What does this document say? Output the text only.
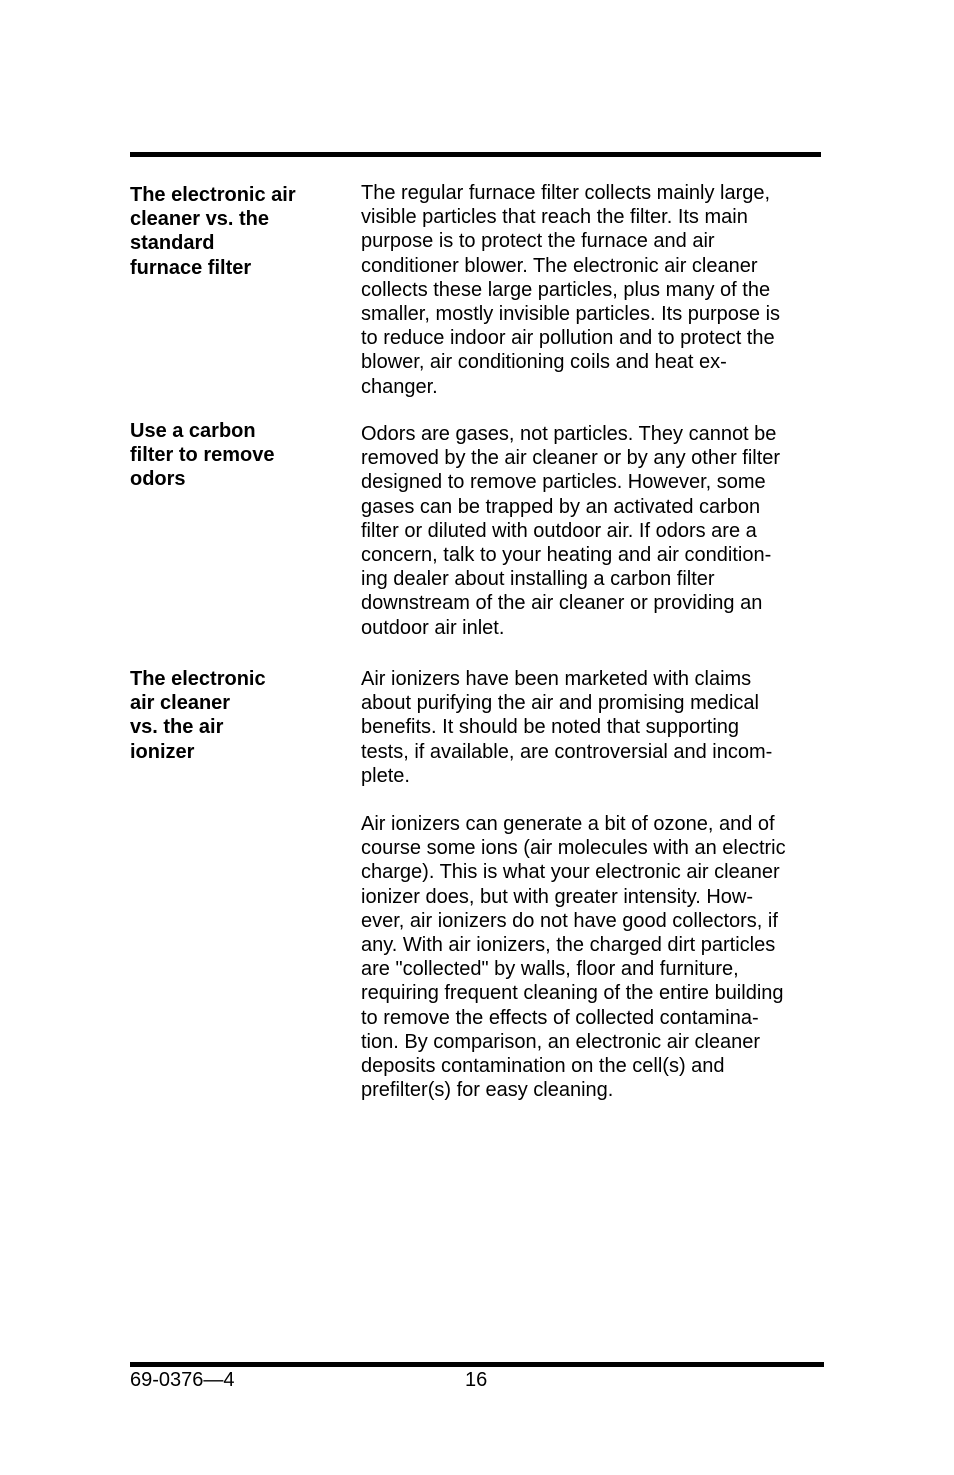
The electronic air
cleaner vs. the
standard
furnace filter
The regular furnace filter collects mainly large,
visible particles that reach the filter. Its main
purpose is to protect the furnace and air
conditioner blower. The electronic air cleaner
collects these large particles, plus many of the
smaller, mostly invisible particles. Its purpose is
to reduce indoor air pollution and to protect the
blower, air conditioning coils and heat ex-
changer.
Use a carbon
filter to remove
odors
Odors are gases, not particles. They cannot be
removed by the air cleaner or by any other filter
designed to remove particles. However, some
gases can be trapped by an activated carbon
filter or diluted with outdoor air. If odors are a
concern, talk to your heating and air condition-
ing dealer about installing a carbon filter
downstream of the air cleaner or providing an
outdoor air inlet.
The electronic
air cleaner
vs. the air
ionizer
Air ionizers have been marketed with claims
about purifying the air and promising medical
benefits. It should be noted that supporting
tests, if available, are controversial and incom-
plete.
Air ionizers can generate a bit of ozone, and of
course some ions (air molecules with an electric
charge). This is what your electronic air cleaner
ionizer does, but with greater intensity. How-
ever, air ionizers do not have good collectors, if
any. With air ionizers, the charged dirt particles
are "collected" by walls, floor and furniture,
requiring frequent cleaning of the entire building
to remove the effects of collected contamina-
tion. By comparison, an electronic air cleaner
deposits contamination on the cell(s) and
prefilter(s) for easy cleaning.
69-0376—4	16
